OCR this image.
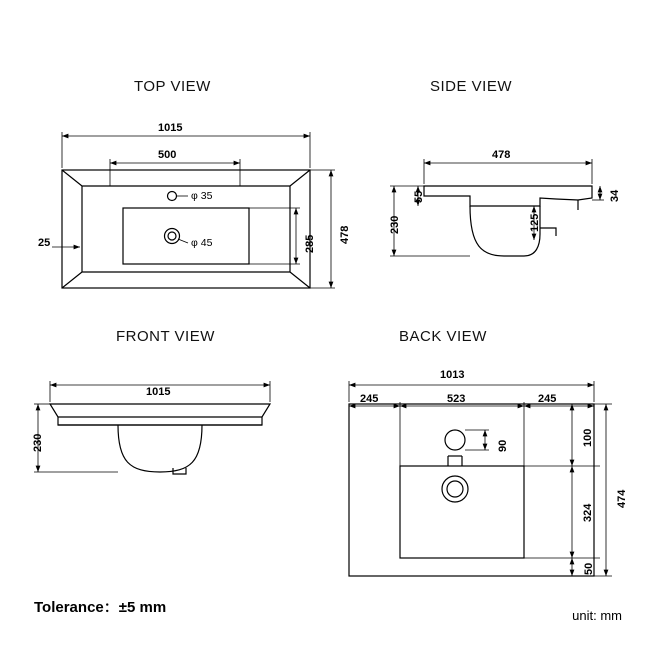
TOP VIEW	SIDE VIEW
FRONT VIEW	BACK VIEW
1015
500
φ 35
φ 45	478
285
25
478
230
55
125
34
1015
230
1013
245	523	245
90	100
324
50
474
Tolerance：±5 mm	unit: mm
